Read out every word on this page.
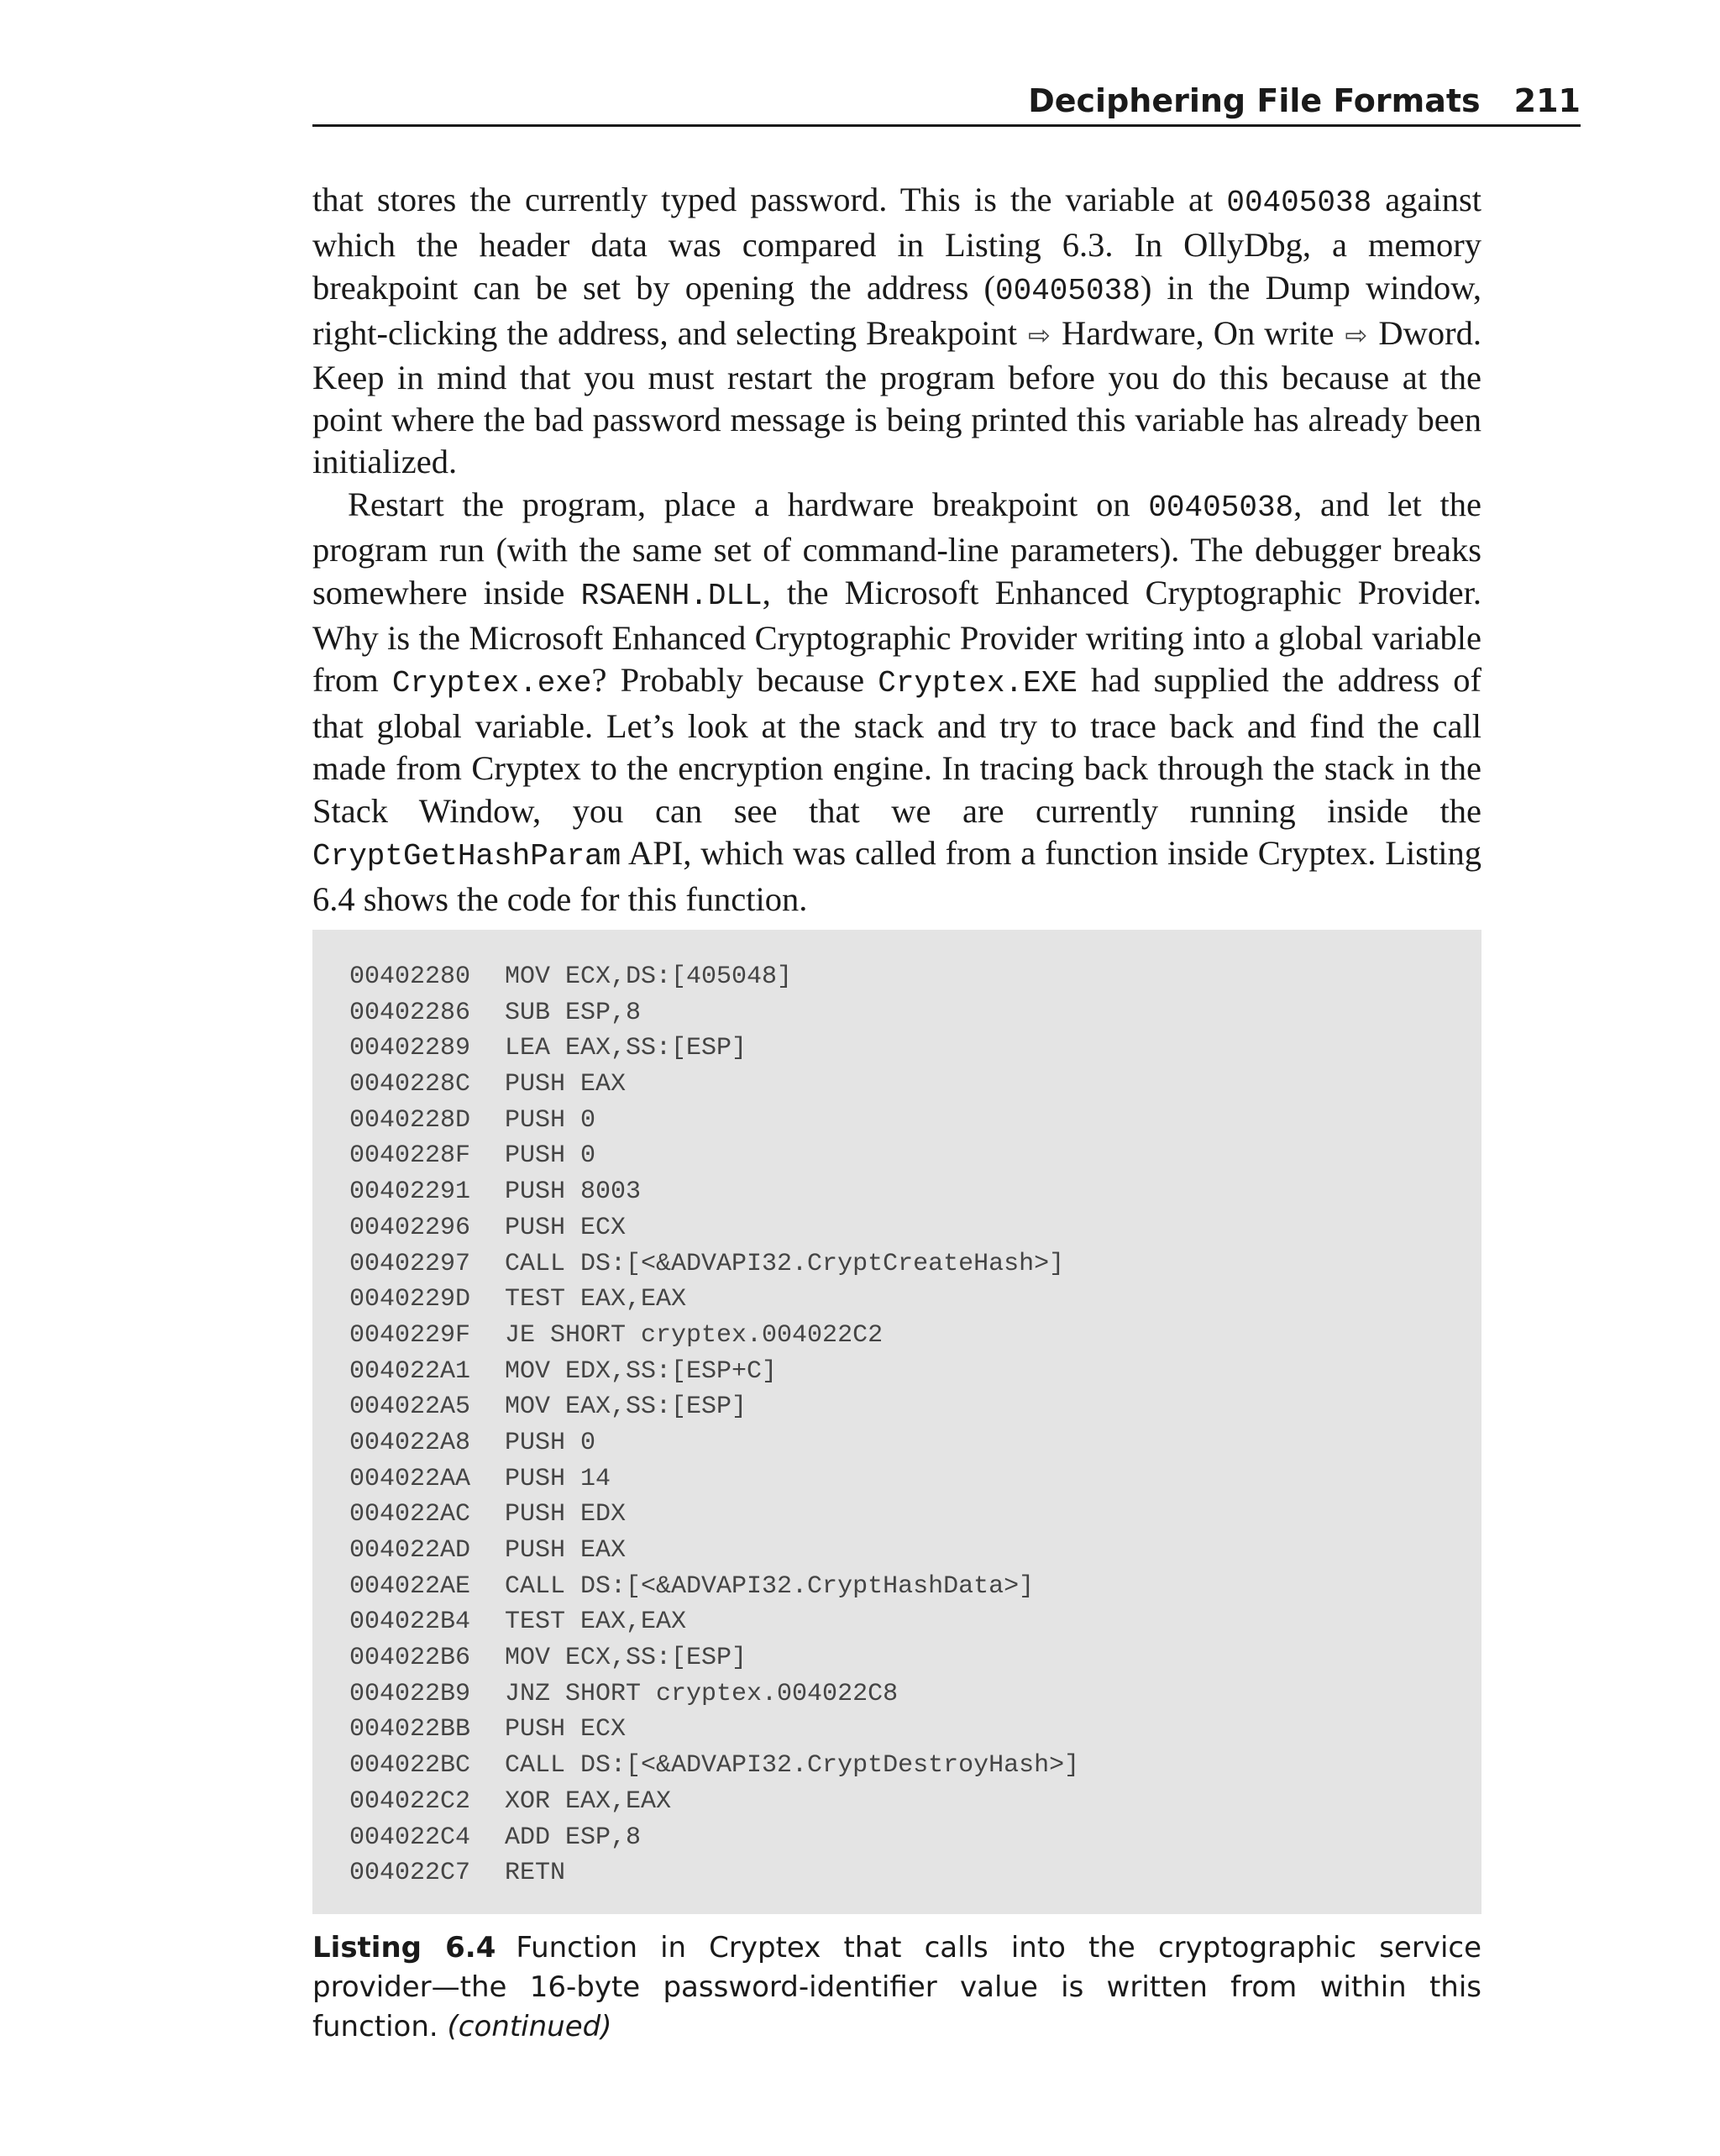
Deciphering File Formats 211

that stores the currently typed password. This is the variable at 00405038 against which the header data was compared in Listing 6.3. In OllyDbg, a memory breakpoint can be set by opening the address (00405038) in the Dump window, right-clicking the address, and selecting Breakpoint ⇨ Hardware, On write ⇨ Dword. Keep in mind that you must restart the program before you do this because at the point where the bad password message is being printed this variable has already been initialized.

Restart the program, place a hardware breakpoint on 00405038, and let the program run (with the same set of command-line parameters). The debugger breaks somewhere inside RSAENH.DLL, the Microsoft Enhanced Cryptographic Provider. Why is the Microsoft Enhanced Cryptographic Provider writing into a global variable from Cryptex.exe? Probably because Cryptex.EXE had supplied the address of that global variable. Let’s look at the stack and try to trace back and find the call made from Cryptex to the encryption engine. In tracing back through the stack in the Stack Window, you can see that we are currently running inside the CryptGetHashParam API, which was called from a function inside Cryptex. Listing 6.4 shows the code for this function.

00402280 MOV ECX,DS:[405048]
00402286 SUB ESP,8
00402289 LEA EAX,SS:[ESP]
0040228C PUSH EAX
0040228D PUSH 0
0040228F PUSH 0
00402291 PUSH 8003
00402296 PUSH ECX
00402297 CALL DS:[<&ADVAPI32.CryptCreateHash>]
0040229D TEST EAX,EAX
0040229F JE SHORT cryptex.004022C2
004022A1 MOV EDX,SS:[ESP+C]
004022A5 MOV EAX,SS:[ESP]
004022A8 PUSH 0
004022AA PUSH 14
004022AC PUSH EDX
004022AD PUSH EAX
004022AE CALL DS:[<&ADVAPI32.CryptHashData>]
004022B4 TEST EAX,EAX
004022B6 MOV ECX,SS:[ESP]
004022B9 JNZ SHORT cryptex.004022C8
004022BB PUSH ECX
004022BC CALL DS:[<&ADVAPI32.CryptDestroyHash>]
004022C2 XOR EAX,EAX
004022C4 ADD ESP,8
004022C7 RETN
Listing 6.4 Function in Cryptex that calls into the cryptographic service provider—the 16-byte password-identifier value is written from within this function. (continued)
